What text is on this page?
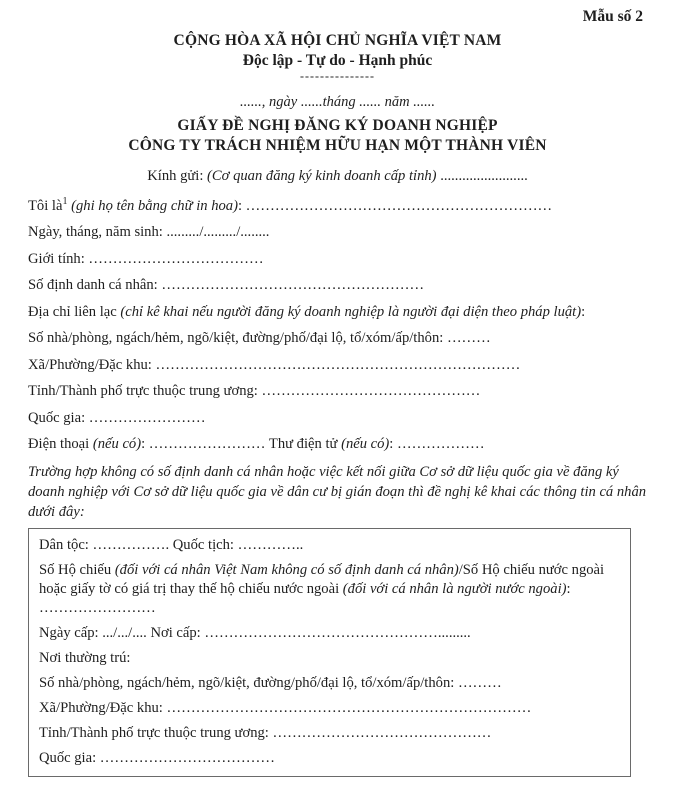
Mẫu số 2
CỘNG HÒA XÃ HỘI CHỦ NGHĨA VIỆT NAM
Độc lập - Tự do - Hạnh phúc
---------------
......, ngày ......tháng ...... năm ......
GIẤY ĐỀ NGHỊ ĐĂNG KÝ DOANH NGHIỆP
CÔNG TY TRÁCH NHIỆM HỮU HẠN MỘT THÀNH VIÊN

Kính gửi: (Cơ quan đăng ký kinh doanh cấp tỉnh) ........................

Tôi $là^1$ (ghi họ tên bằng chữ in hoa): ………………………………………………………

Ngày, tháng, năm sinh: ........./........./........

Giới tính: ………………………………

Số định danh cá nhân: ………………………………………………

Địa chỉ liên lạc (chỉ kê khai nếu người đăng ký doanh nghiệp là người đại diện theo pháp luật):

Số nhà/phòng, ngách/hẻm, ngõ/kiệt, đường/phố/đại lộ, tổ/xóm/ấp/thôn: ………

Xã/Phường/Đặc khu: …………………………………………………………………

Tỉnh/Thành phố trực thuộc trung ương: ………………………………………

Quốc gia: ……………………

Điện thoại (nếu có): …………………… Thư điện tử (nếu có): ………………

Trường hợp không có số định danh cá nhân hoặc việc kết nối giữa Cơ sở dữ liệu quốc gia về đăng ký doanh nghiệp với Cơ sở dữ liệu quốc gia về dân cư bị gián đoạn thì đề nghị kê khai các thông tin cá nhân dưới đây:

Dân tộc: ……………. Quốc tịch: …………..

Số Hộ chiếu (đối với cá nhân Việt Nam không có số định danh cá nhân)/Số Hộ chiếu nước ngoài hoặc giấy tờ có giá trị thay thế hộ chiếu nước ngoài (đối với cá nhân là người nước ngoài): ……………………

Ngày cấp: .../.../.... Nơi cấp: ………………………………………….........

Nơi thường trú:

Số nhà/phòng, ngách/hẻm, ngõ/kiệt, đường/phố/đại lộ, tổ/xóm/ấp/thôn: ………

Xã/Phường/Đặc khu: …………………………………………………………………

Tỉnh/Thành phố trực thuộc trung ương: ………………………………………

Quốc gia: ………………………………
